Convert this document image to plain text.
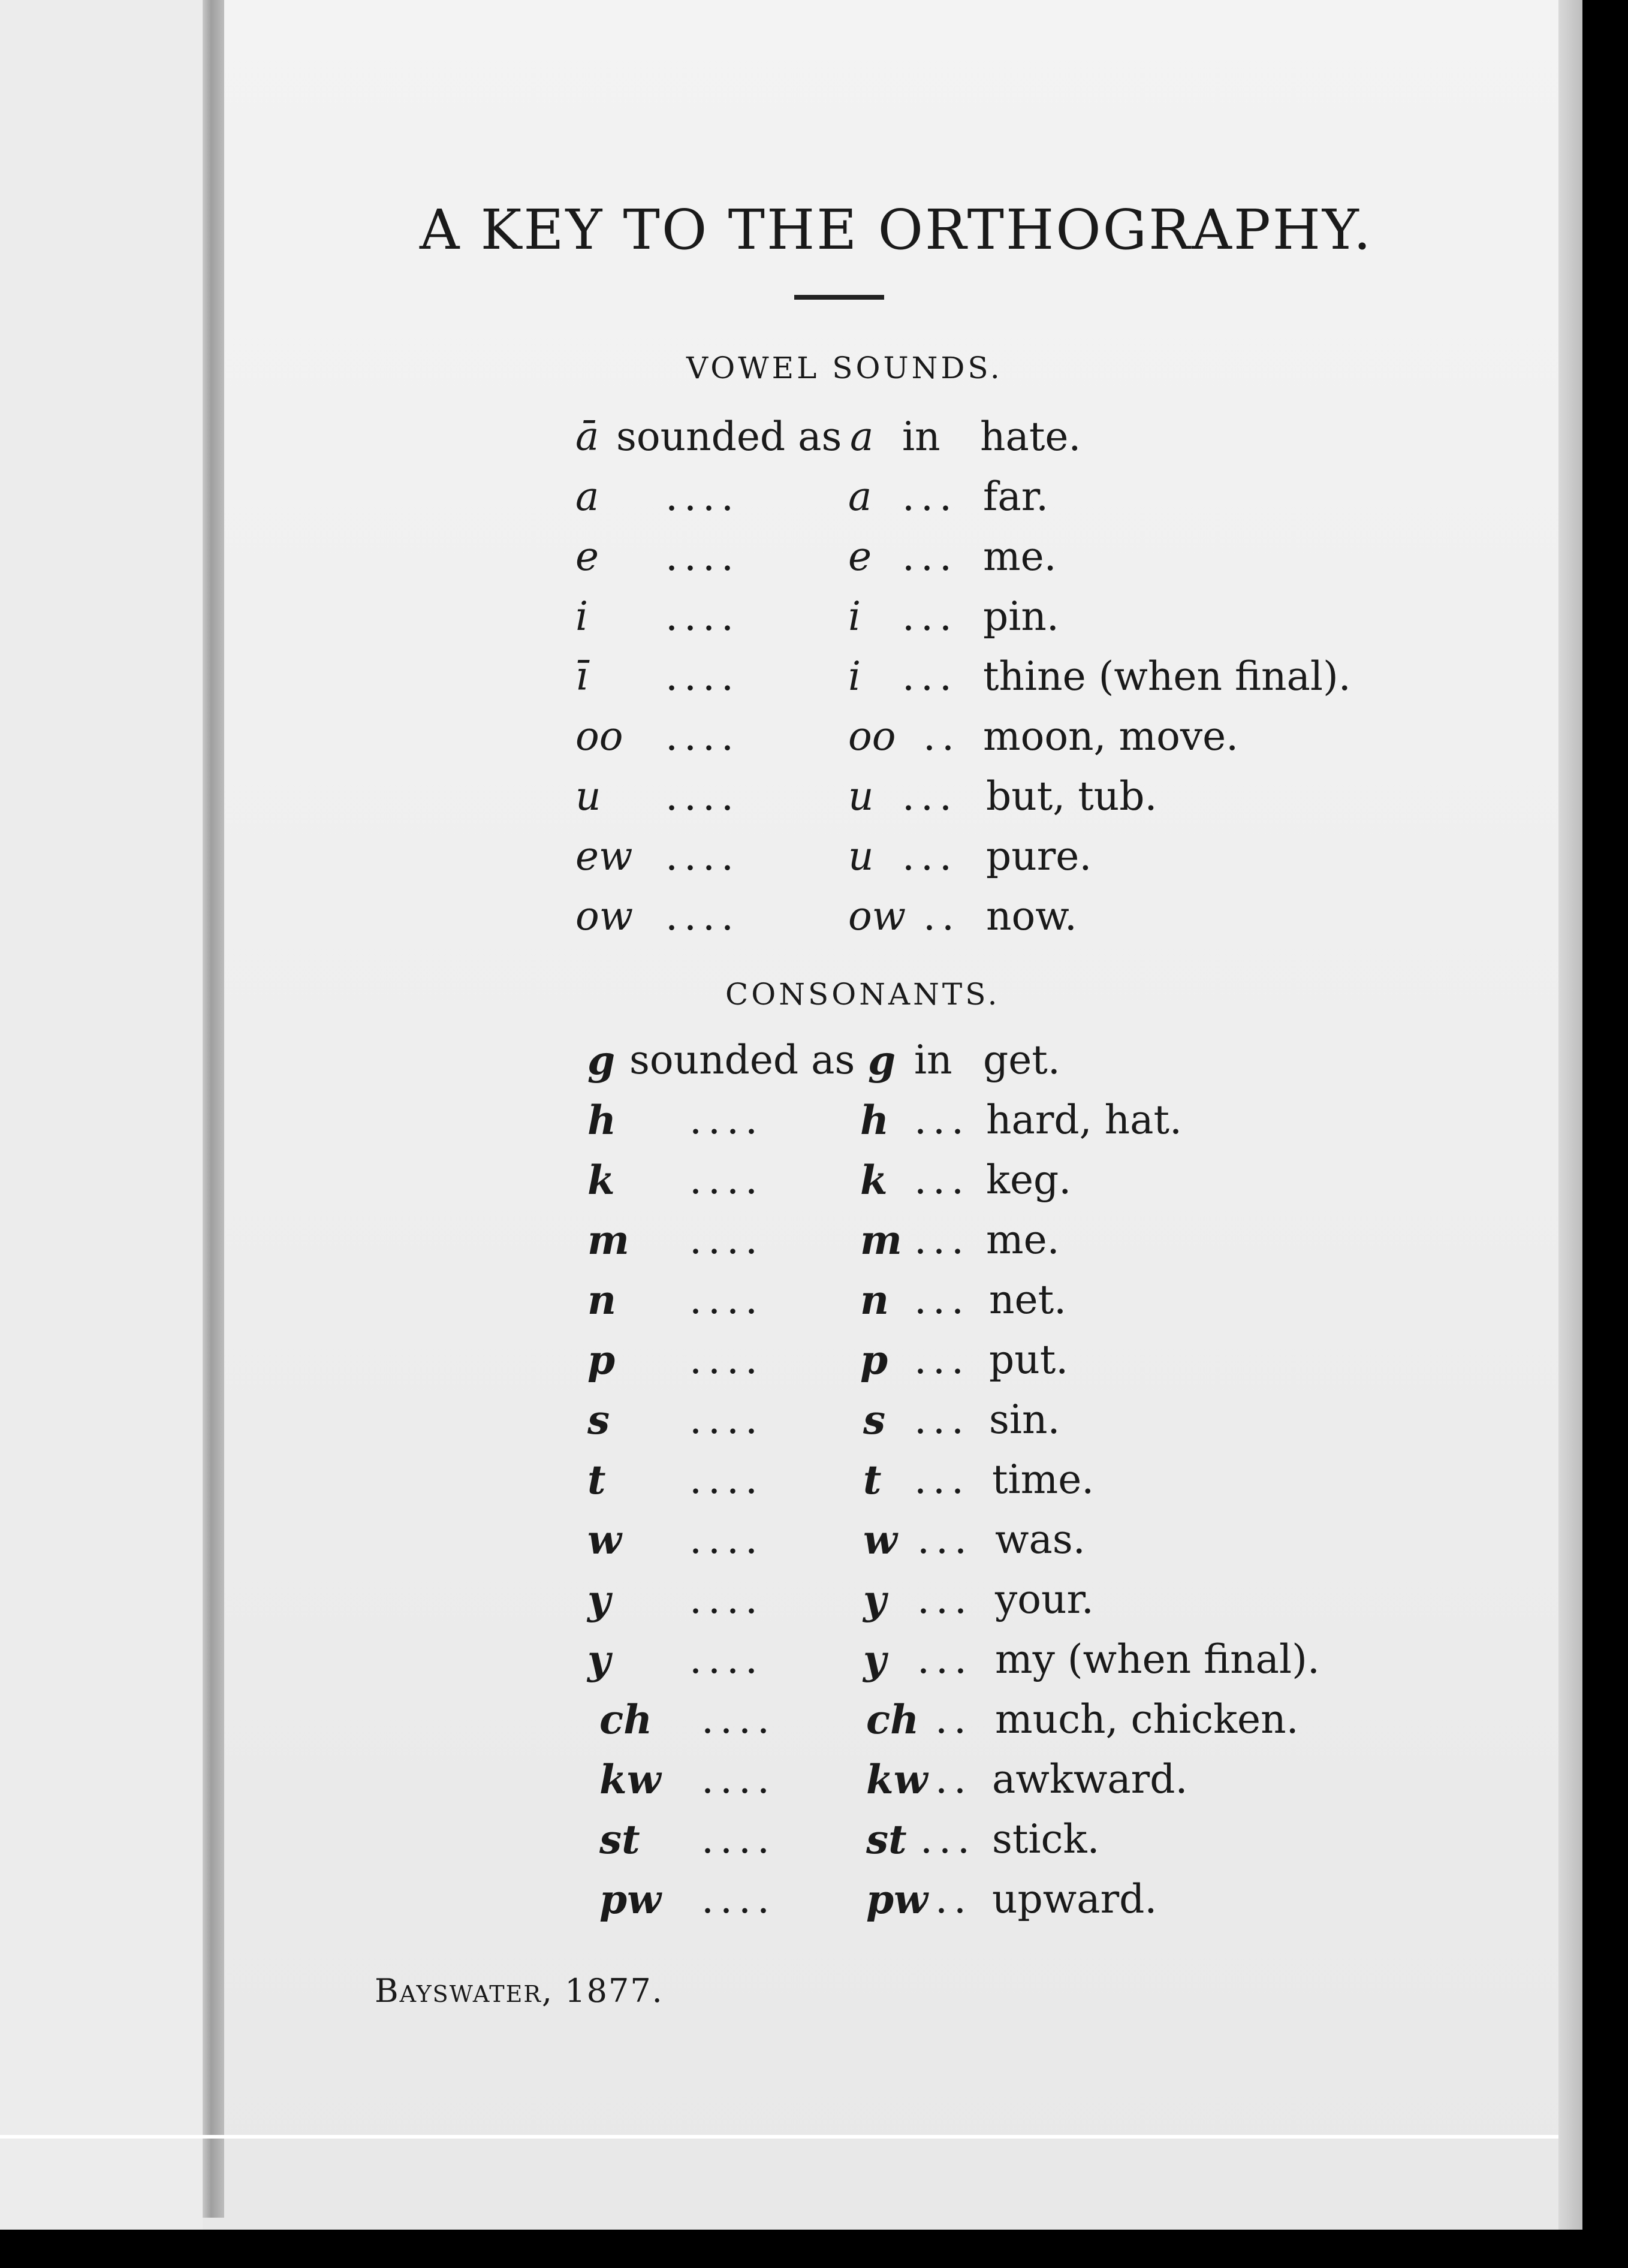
A KEY TO THE ORTHOGRAPHY.
VOWEL SOUNDS.
ā sounded as a in hate.
a ....	a ... far.
e ....	e ... me.
i ....	i ... pin.
ī ....	i ... thine (when final).
oo ....	oo .. moon, move.
u ....	u ... but, tub.
ew ....	u ... pure.
ow ....	ow .. now.
CONSONANTS.
g sounded as g in get.
h .... h ... hard, hat.
k .... k ... keg.
m .... m ... me.
n .... n ... net.
p .... p ... put.
s ....	s ... sin.
t ....	t ... time.
w ....	w ... was.
y ....	y ... your.
y ....	y ... my (when final).
ch .... ch .. much, chicken.
kw .... kw .. awkward.
st .... st ... stick.
pw .... pw .. upward.
Bayswater, 1877.
